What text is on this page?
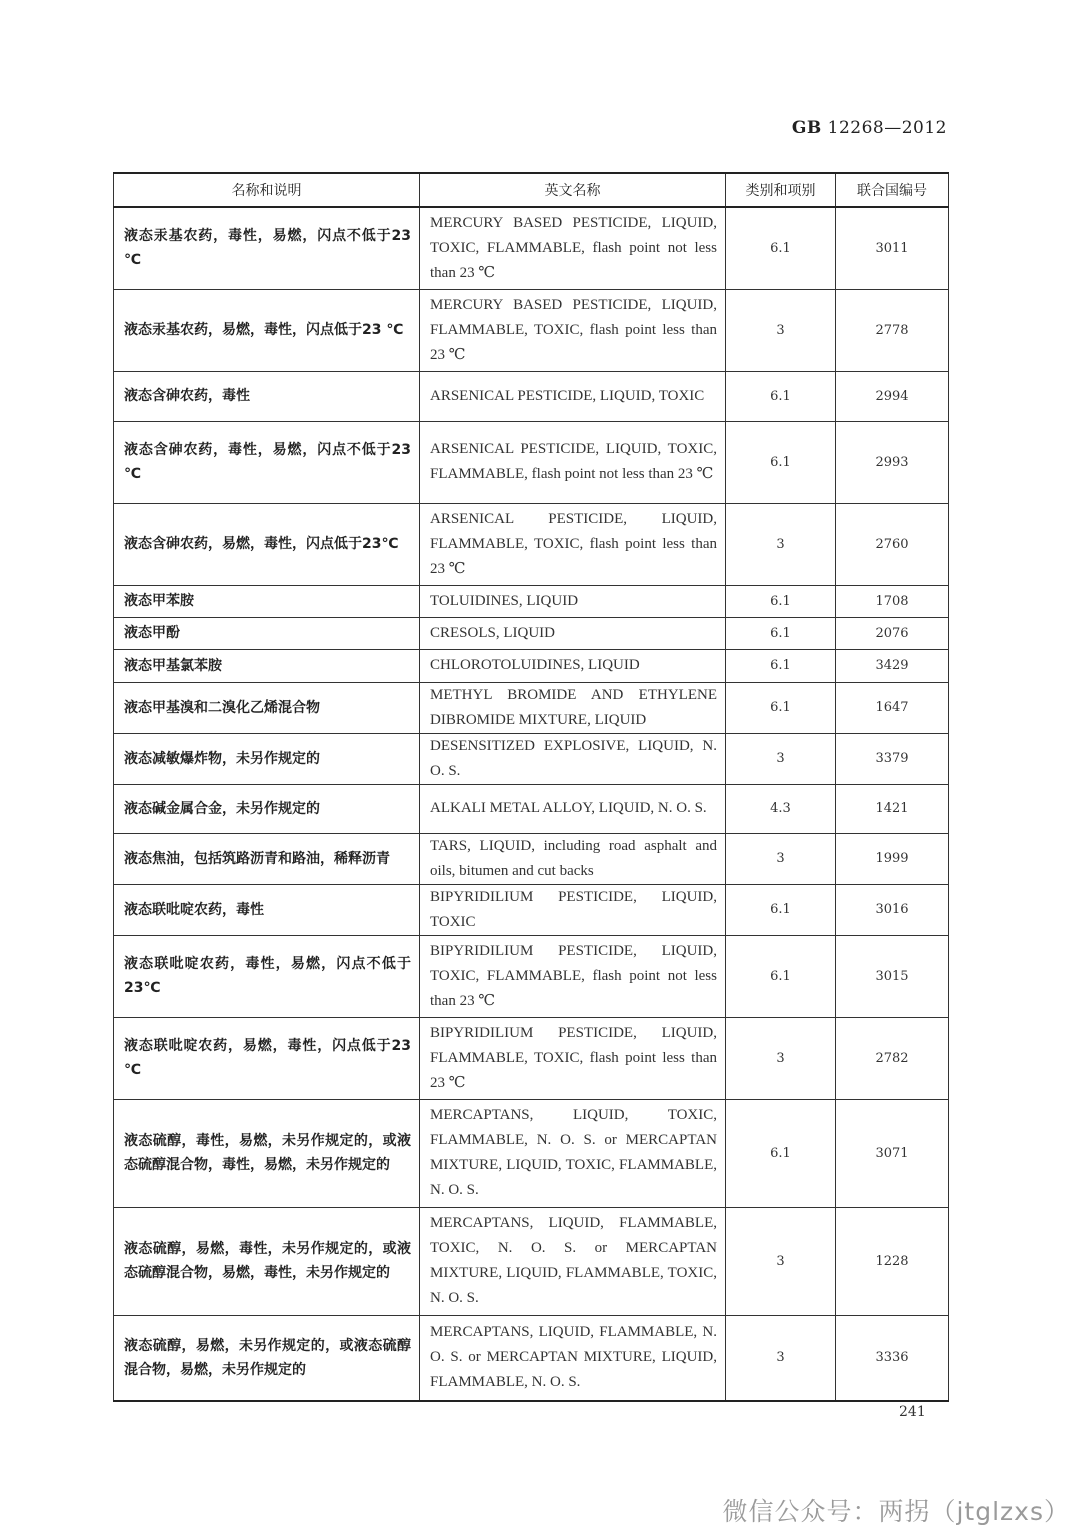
GB 12268—2012
名称和说明	英文名称	类别和项别	联合国编号
液态汞基农药，毒性，易燃，闪点不低于23 ℃	MERCURY BASED PESTICIDE, LIQUID, TOXIC, FLAMMABLE, flash point not less than 23 ℃	6.1	3011
液态汞基农药，易燃，毒性，闪点低于23 ℃	MERCURY BASED PESTICIDE, LIQUID, FLAMMABLE, TOXIC, flash point less than 23 ℃	3	2778
液态含砷农药，毒性	ARSENICAL PESTICIDE, LIQUID, TOXIC	6.1	2994
液态含砷农药，毒性，易燃，闪点不低于23 ℃	ARSENICAL PESTICIDE, LIQUID, TOXIC, FLAMMABLE, flash point not less than 23 ℃	6.1	2993
液态含砷农药，易燃，毒性，闪点低于23℃	ARSENICAL PESTICIDE, LIQUID, FLAMMABLE, TOXIC, flash point less than 23 ℃	3	2760
液态甲苯胺	TOLUIDINES, LIQUID	6.1	1708
液态甲酚	CRESOLS, LIQUID	6.1	2076
液态甲基氯苯胺	CHLOROTOLUIDINES, LIQUID	6.1	3429
液态甲基溴和二溴化乙烯混合物	METHYL BROMIDE AND ETHYLENE DIBROMIDE MIXTURE, LIQUID	6.1	1647
液态减敏爆炸物，未另作规定的	DESENSITIZED EXPLOSIVE, LIQUID, N. O. S.	3	3379
液态碱金属合金，未另作规定的	ALKALI METAL ALLOY, LIQUID, N. O. S.	4.3	1421
液态焦油，包括筑路沥青和路油，稀释沥青	TARS, LIQUID, including road asphalt and oils, bitumen and cut backs	3	1999
液态联吡啶农药，毒性	BIPYRIDILIUM PESTICIDE, LIQUID, TOXIC	6.1	3016
液态联吡啶农药，毒性，易燃，闪点不低于23℃	BIPYRIDILIUM PESTICIDE, LIQUID, TOXIC, FLAMMABLE, flash point not less than 23 ℃	6.1	3015
液态联吡啶农药，易燃，毒性，闪点低于23 ℃	BIPYRIDILIUM PESTICIDE, LIQUID, FLAMMABLE, TOXIC, flash point less than 23 ℃	3	2782
液态硫醇，毒性，易燃，未另作规定的，或液态硫醇混合物，毒性，易燃，未另作规定的	MERCAPTANS, LIQUID, TOXIC, FLAMMABLE, N. O. S. or MERCAPTAN MIXTURE, LIQUID, TOXIC, FLAMMABLE, N. O. S.	6.1	3071
液态硫醇，易燃，毒性，未另作规定的，或液态硫醇混合物，易燃，毒性，未另作规定的	MERCAPTANS, LIQUID, FLAMMABLE, TOXIC, N. O. S. or MERCAPTAN MIXTURE, LIQUID, FLAMMABLE, TOXIC, N. O. S.	3	1228
液态硫醇，易燃，未另作规定的，或液态硫醇混合物，易燃，未另作规定的	MERCAPTANS, LIQUID, FLAMMABLE, N. O. S. or MERCAPTAN MIXTURE, LIQUID, FLAMMABLE, N. O. S.	3	3336
241
微信公众号：两拐（jtglzxs）
